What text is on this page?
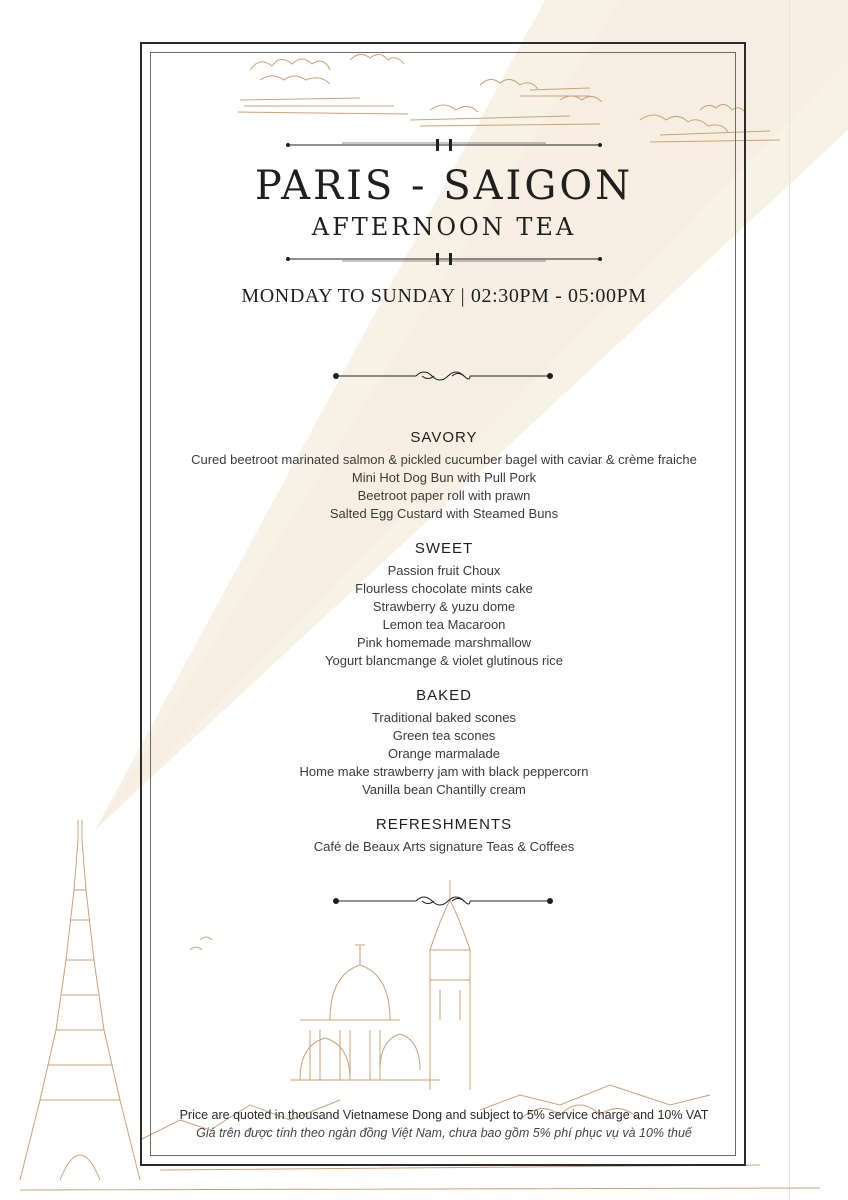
PARIS - SAIGON
AFTERNOON TEA
MONDAY TO SUNDAY | 02:30PM - 05:00PM
SAVORY
Cured beetroot marinated salmon & pickled cucumber bagel with caviar & crème fraiche
Mini Hot Dog Bun with Pull Pork
Beetroot paper roll with prawn
Salted Egg Custard with Steamed Buns
SWEET
Passion fruit Choux
Flourless chocolate mints cake
Strawberry & yuzu dome
Lemon tea Macaroon
Pink homemade marshmallow
Yogurt blancmange & violet glutinous rice
BAKED
Traditional baked scones
Green tea scones
Orange marmalade
Home make strawberry jam with black peppercorn
Vanilla bean Chantilly cream
REFRESHMENTS
Café de Beaux Arts signature Teas & Coffees
Price are quoted in thousand Vietnamese Dong and subject to 5% service charge and 10% VAT
Giá trên được tính theo ngàn đồng Việt Nam, chưa bao gồm 5% phí phục vụ và 10% thuế
